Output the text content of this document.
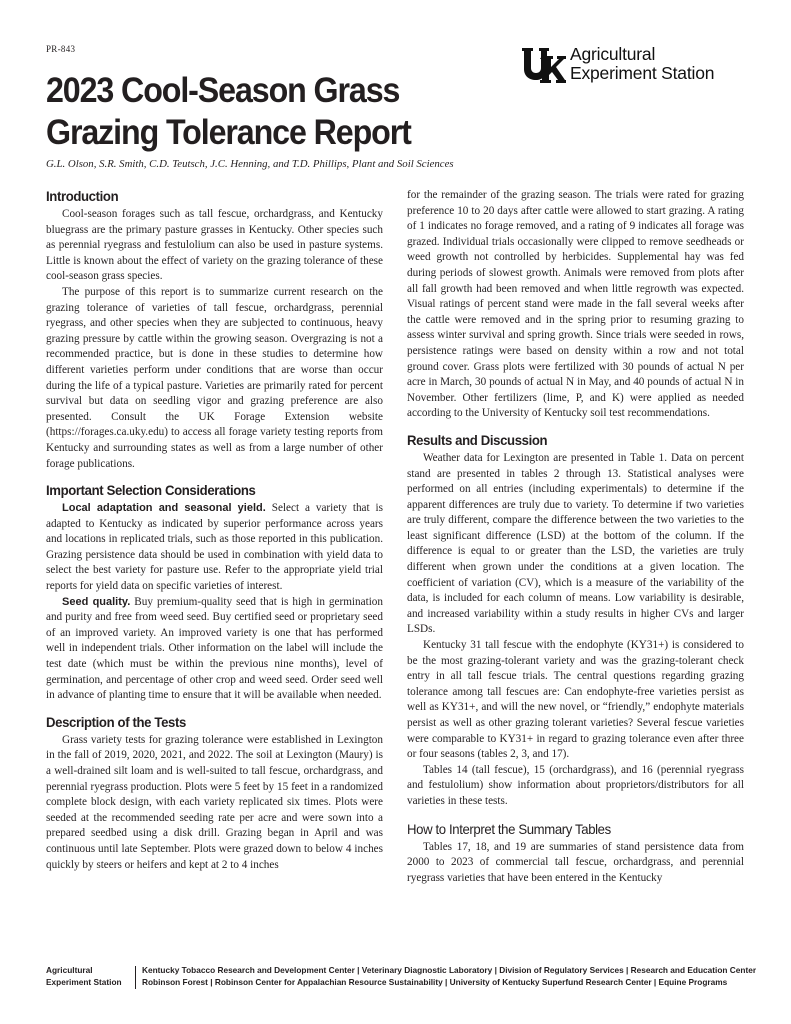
PR-843	Agricultural
Experiment Station
2023 Cool-Season Grass
Grazing Tolerance Report
G.L. Olson, S.R. Smith, C.D. Teutsch, J.C. Henning, and T.D. Phillips, Plant and Soil Sciences
Introduction

Cool-season forages such as tall fescue, orchardgrass, and Kentucky bluegrass are the primary pasture grasses in Kentucky. Other species such as perennial ryegrass and festulolium can also be used in pasture systems. Little is known about the effect of variety on the grazing tolerance of these cool-season grass species.

The purpose of this report is to summarize current research on the grazing tolerance of varieties of tall fescue, orchardgrass, perennial ryegrass, and other species when they are subjected to continuous, heavy grazing pressure by cattle within the growing season. Overgrazing is not a recommended practice, but is done in these studies to determine how different varieties perform under conditions that are worse than occur during the life of a typical pasture. Varieties are primarily rated for percent survival but data on seedling vigor and grazing preference are also presented. Consult the UK Forage Extension website (https://forages.ca.uky.edu) to access all forage variety testing reports from Kentucky and surrounding states as well as from a large number of other forage publications.

Important Selection Considerations

Local adaptation and seasonal yield. Select a variety that is adapted to Kentucky as indicated by superior performance across years and locations in replicated trials, such as those reported in this publication. Grazing persistence data should be used in combination with yield data to select the best variety for pasture use. Refer to the appropriate yield trial reports for yield data on specific varieties of interest.

Seed quality. Buy premium-quality seed that is high in germination and purity and free from weed seed. Buy certified seed or proprietary seed of an improved variety. An improved variety is one that has performed well in independent trials. Other information on the label will include the test date (which must be within the previous nine months), level of germination, and percentage of other crop and weed seed. Order seed well in advance of planting time to ensure that it will be available when needed.

Description of the Tests

Grass variety tests for grazing tolerance were established in Lexington in the fall of 2019, 2020, 2021, and 2022. The soil at Lexington (Maury) is a well-drained silt loam and is well-suited to tall fescue, orchardgrass, and perennial ryegrass production. Plots were 5 feet by 15 feet in a randomized complete block design, with each variety replicated six times. Plots were seeded at the recommended seeding rate per acre and were sown into a prepared seedbed using a disk drill. Grazing began in April and was continuous until late September. Plots were grazed down to below 4 inches quickly by steers or heifers and kept at 2 to 4 inches

for the remainder of the grazing season. The trials were rated for grazing preference 10 to 20 days after cattle were allowed to start grazing. A rating of 1 indicates no forage removed, and a rating of 9 indicates all forage was grazed. Individual trials occasionally were clipped to remove seedheads or weed growth not controlled by herbicides. Supplemental hay was fed during periods of slowest growth. Animals were removed from plots after all fall growth had been removed and when little regrowth was expected. Visual ratings of percent stand were made in the fall several weeks after the cattle were removed and in the spring prior to resuming grazing to assess winter survival and spring growth. Since trials were seeded in rows, persistence ratings were based on density within a row and not total ground cover. Grass plots were fertilized with 30 pounds of actual N per acre in March, 30 pounds of actual N in May, and 40 pounds of actual N in November. Other fertilizers (lime, P, and K) were applied as needed according to the University of Kentucky soil test recommendations.

Results and Discussion

Weather data for Lexington are presented in Table 1. Data on percent stand are presented in tables 2 through 13. Statistical analyses were performed on all entries (including experimentals) to determine if the apparent differences are truly due to variety. To determine if two varieties are truly different, compare the difference between the two varieties to the least significant difference (LSD) at the bottom of the column. If the difference is equal to or greater than the LSD, the varieties are truly different when grown under the conditions at a given location. The coefficient of variation (CV), which is a measure of the variability of the data, is included for each column of means. Low variability is desirable, and increased variability within a study results in higher CVs and larger LSDs.

Kentucky 31 tall fescue with the endophyte (KY31+) is considered to be the most grazing-tolerant variety and was the grazing-tolerant check entry in all tall fescue trials. The central questions regarding grazing tolerance among tall fescues are: Can endophyte-free varieties persist as well as KY31+, and will the new novel, or “friendly,” endophyte materials persist as well as other grazing tolerant varieties? Several fescue varieties were comparable to KY31+ in regard to grazing tolerance even after three or four seasons (tables 2, 3, and 17).

Tables 14 (tall fescue), 15 (orchardgrass), and 16 (perennial ryegrass and festulolium) show information about proprietors/distributors for all varieties in these tests.

How to Interpret the Summary Tables

Tables 17, 18, and 19 are summaries of stand persistence data from 2000 to 2023 of commercial tall fescue, orchardgrass, and perennial ryegrass varieties that have been entered in the Kentucky

Agricultural
Experiment Station
Kentucky Tobacco Research and Development Center | Veterinary Diagnostic Laboratory | Division of Regulatory Services | Research and Education Center
Robinson Forest | Robinson Center for Appalachian Resource Sustainability | University of Kentucky Superfund Research Center | Equine Programs
